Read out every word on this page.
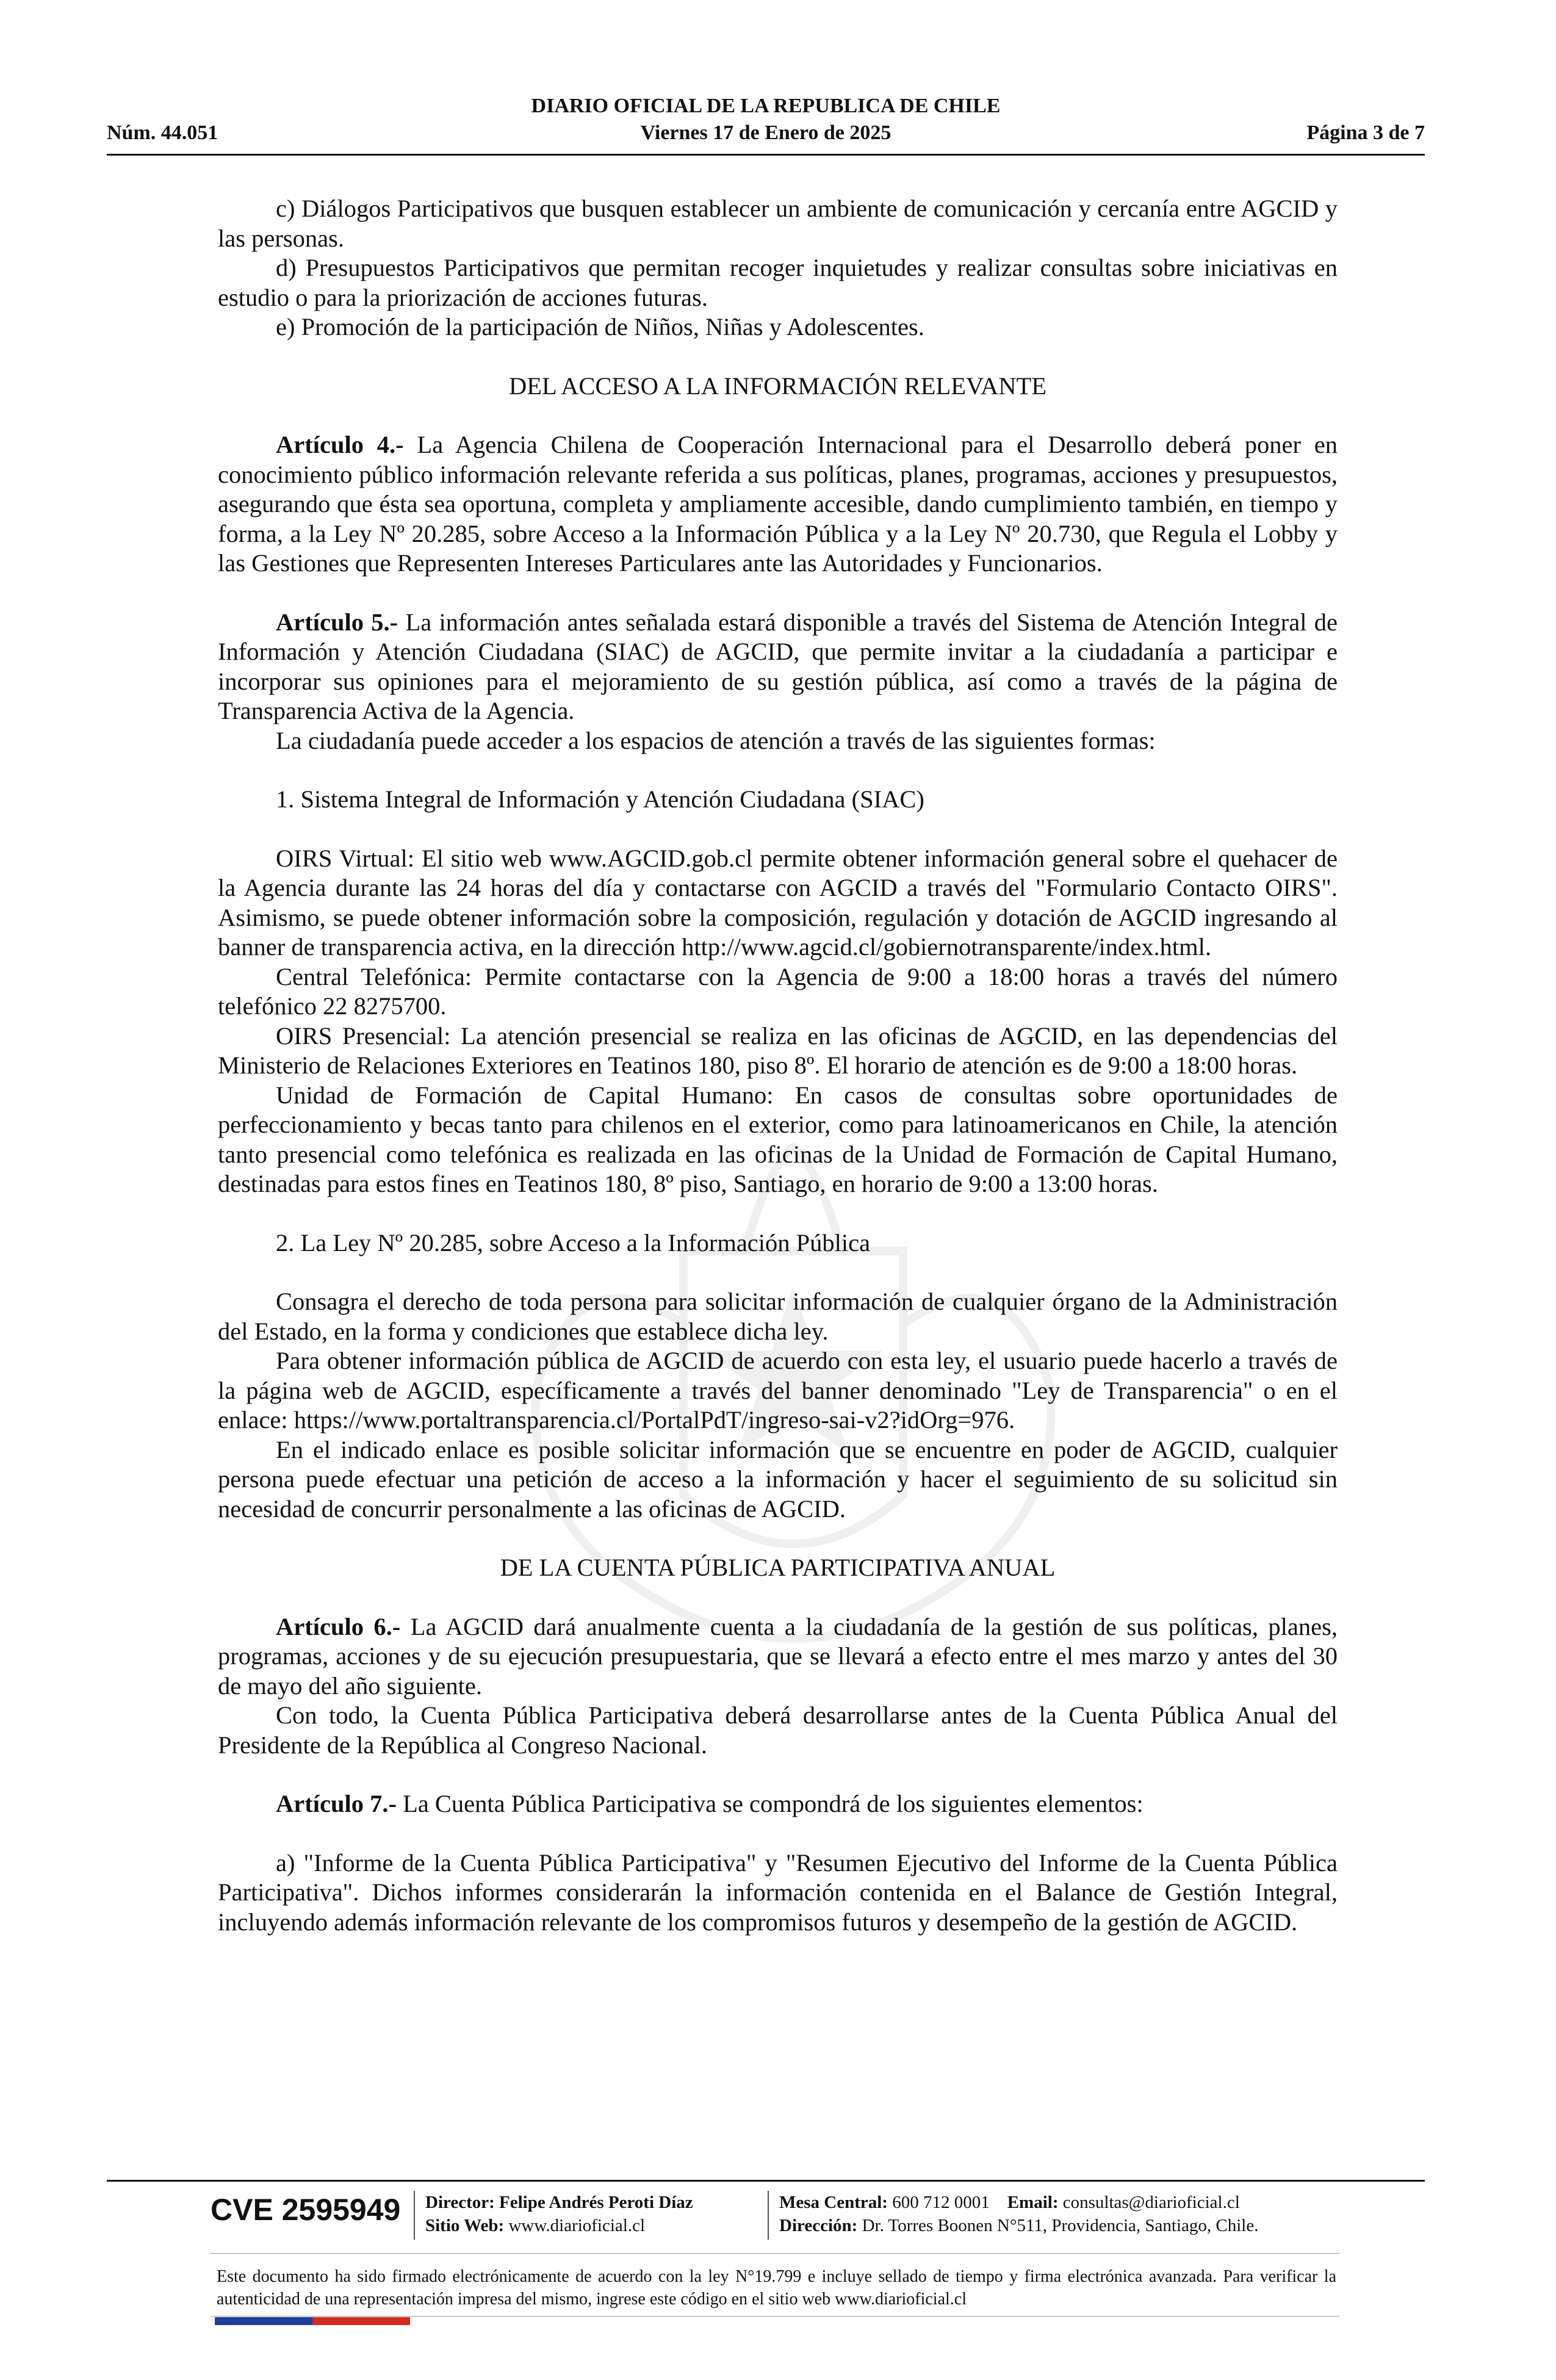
DIARIO OFICIAL DE LA REPUBLICA DE CHILE
Núm. 44.051	Viernes 17 de Enero de 2025	Página 3 de 7

c) Diálogos Participativos que busquen establecer un ambiente de comunicación y cercanía entre AGCID y las personas.

d) Presupuestos Participativos que permitan recoger inquietudes y realizar consultas sobre iniciativas en estudio o para la priorización de acciones futuras.

e) Promoción de la participación de Niños, Niñas y Adolescentes.

DEL ACCESO A LA INFORMACIÓN RELEVANTE

Artículo 4.- La Agencia Chilena de Cooperación Internacional para el Desarrollo deberá poner en conocimiento público información relevante referida a sus políticas, planes, programas, acciones y presupuestos, asegurando que ésta sea oportuna, completa y ampliamente accesible, dando cumplimiento también, en tiempo y forma, a la Ley Nº 20.285, sobre Acceso a la Información Pública y a la Ley Nº 20.730, que Regula el Lobby y las Gestiones que Representen Intereses Particulares ante las Autoridades y Funcionarios.

Artículo 5.- La información antes señalada estará disponible a través del Sistema de Atención Integral de Información y Atención Ciudadana (SIAC) de AGCID, que permite invitar a la ciudadanía a participar e incorporar sus opiniones para el mejoramiento de su gestión pública, así como a través de la página de Transparencia Activa de la Agencia.

La ciudadanía puede acceder a los espacios de atención a través de las siguientes formas:

1. Sistema Integral de Información y Atención Ciudadana (SIAC)

OIRS Virtual: El sitio web www.AGCID.gob.cl permite obtener información general sobre el quehacer de la Agencia durante las 24 horas del día y contactarse con AGCID a través del "Formulario Contacto OIRS". Asimismo, se puede obtener información sobre la composición, regulación y dotación de AGCID ingresando al banner de transparencia activa, en la dirección http://www.agcid.cl/gobiernotransparente/index.html.

Central Telefónica: Permite contactarse con la Agencia de 9:00 a 18:00 horas a través del número telefónico 22 8275700.

OIRS Presencial: La atención presencial se realiza en las oficinas de AGCID, en las dependencias del Ministerio de Relaciones Exteriores en Teatinos 180, piso 8º. El horario de atención es de 9:00 a 18:00 horas.

Unidad de Formación de Capital Humano: En casos de consultas sobre oportunidades de perfeccionamiento y becas tanto para chilenos en el exterior, como para latinoamericanos en Chile, la atención tanto presencial como telefónica es realizada en las oficinas de la Unidad de Formación de Capital Humano, destinadas para estos fines en Teatinos 180, 8º piso, Santiago, en horario de 9:00 a 13:00 horas.

2. La Ley Nº 20.285, sobre Acceso a la Información Pública

Consagra el derecho de toda persona para solicitar información de cualquier órgano de la Administración del Estado, en la forma y condiciones que establece dicha ley.

Para obtener información pública de AGCID de acuerdo con esta ley, el usuario puede hacerlo a través de la página web de AGCID, específicamente a través del banner denominado "Ley de Transparencia" o en el enlace: https://www.portaltransparencia.cl/PortalPdT/ingreso-sai-v2?idOrg=976.

En el indicado enlace es posible solicitar información que se encuentre en poder de AGCID, cualquier persona puede efectuar una petición de acceso a la información y hacer el seguimiento de su solicitud sin necesidad de concurrir personalmente a las oficinas de AGCID.

DE LA CUENTA PÚBLICA PARTICIPATIVA ANUAL

Artículo 6.- La AGCID dará anualmente cuenta a la ciudadanía de la gestión de sus políticas, planes, programas, acciones y de su ejecución presupuestaria, que se llevará a efecto entre el mes marzo y antes del 30 de mayo del año siguiente.

Con todo, la Cuenta Pública Participativa deberá desarrollarse antes de la Cuenta Pública Anual del Presidente de la República al Congreso Nacional.

Artículo 7.- La Cuenta Pública Participativa se compondrá de los siguientes elementos:

a) "Informe de la Cuenta Pública Participativa" y "Resumen Ejecutivo del Informe de la Cuenta Pública Participativa". Dichos informes considerarán la información contenida en el Balance de Gestión Integral, incluyendo además información relevante de los compromisos futuros y desempeño de la gestión de AGCID.

CVE 2595949 Director: Felipe Andrés Peroti Díaz
Sitio Web: www.diarioficial.cl
Mesa Central: 600 712 0001 Email: consultas@diarioficial.cl
Dirección: Dr. Torres Boonen N°511, Providencia, Santiago, Chile.
Este documento ha sido firmado electrónicamente de acuerdo con la ley N°19.799 e incluye sellado de tiempo y firma electrónica avanzada. Para verificar la autenticidad de una representación impresa del mismo, ingrese este código en el sitio web www.diarioficial.cl
